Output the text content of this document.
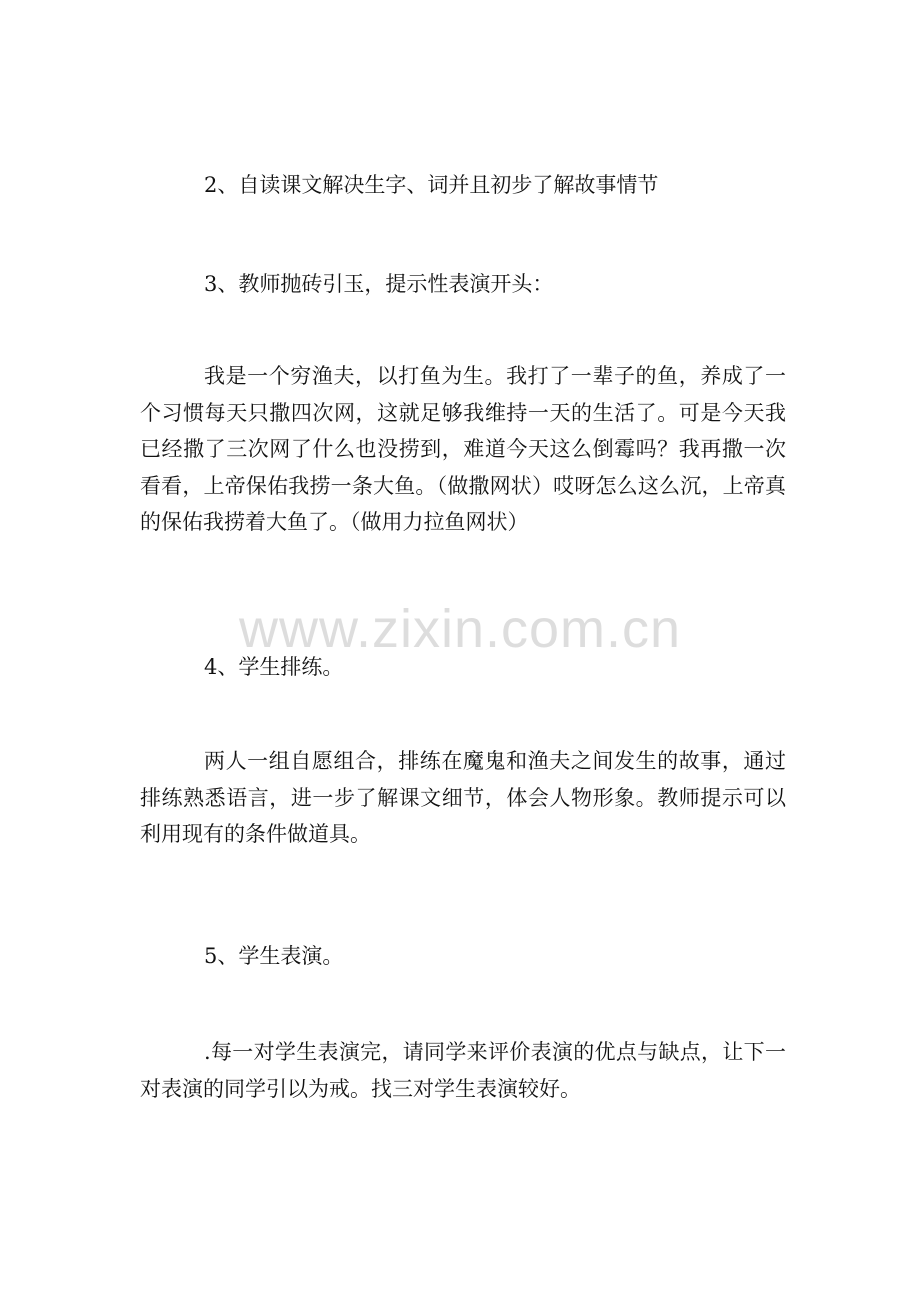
2、自读课文解决生字、词并且初步了解故事情节

3、教师抛砖引玉，提示性表演开头：

我是一个穷渔夫，以打鱼为生。我打了一辈子的鱼，养成了一个习惯每天只撒四次网，这就足够我维持一天的生活了。可是今天我已经撒了三次网了什么也没捞到，难道今天这么倒霉吗？我再撒一次看看，上帝保佑我捞一条大鱼。（做撒网状）哎呀怎么这么沉，上帝真的保佑我捞着大鱼了。（做用力拉鱼网状）

4、学生排练。

两人一组自愿组合，排练在魔鬼和渔夫之间发生的故事，通过排练熟悉语言，进一步了解课文细节，体会人物形象。教师提示可以利用现有的条件做道具。

5、学生表演。

.每一对学生表演完，请同学来评价表演的优点与缺点，让下一对表演的同学引以为戒。找三对学生表演较好。

www.zixin.com.cn
